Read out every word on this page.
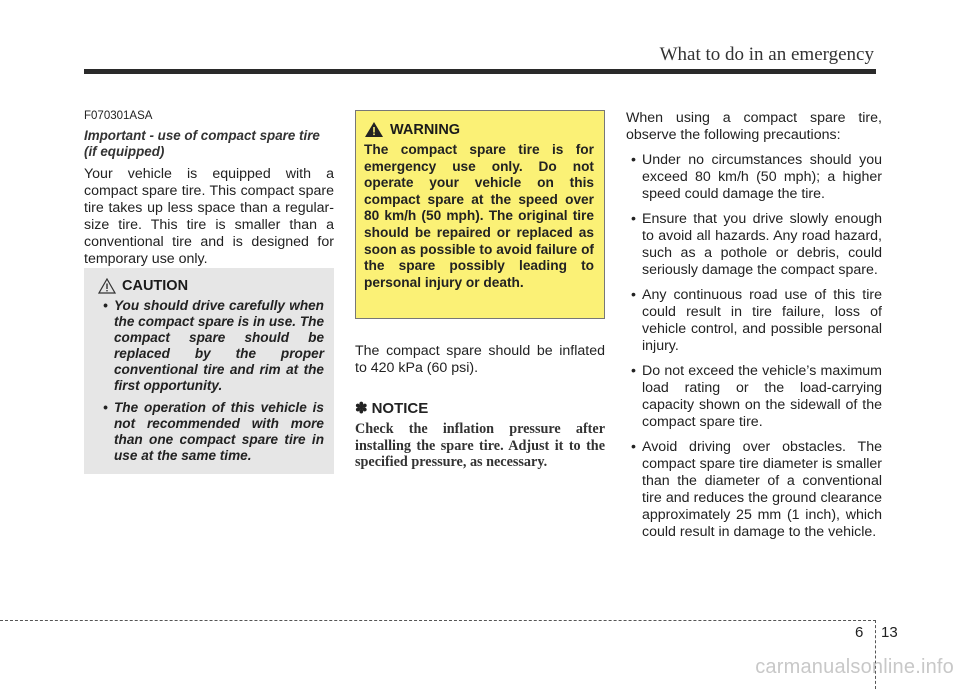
What to do in an emergency
F070301ASA
Important - use of compact spare tire (if equipped)
Your vehicle is equipped with a compact spare tire. This compact spare tire takes up less space than a regular-size tire. This tire is smaller than a conventional tire and is designed for temporary use only.
CAUTION
• You should drive carefully when the compact spare is in use. The compact spare should be replaced by the proper conventional tire and rim at the first opportunity.
• The operation of this vehicle is not recommended with more than one compact spare tire in use at the same time.
WARNING
The compact spare tire is for emergency use only. Do not operate your vehicle on this compact spare at the speed over 80 km/h (50 mph). The original tire should be repaired or replaced as soon as possible to avoid failure of the spare possibly leading to personal injury or death.
The compact spare should be inflated to 420 kPa (60 psi).
✽ NOTICE
Check the inflation pressure after installing the spare tire. Adjust it to the specified pressure, as necessary.
When using a compact spare tire, observe the following precautions:
• Under no circumstances should you exceed 80 km/h (50 mph); a higher speed could damage the tire.
• Ensure that you drive slowly enough to avoid all hazards. Any road hazard, such as a pothole or debris, could seriously damage the compact spare.
• Any continuous road use of this tire could result in tire failure, loss of vehicle control, and possible personal injury.
• Do not exceed the vehicle’s maximum load rating or the load-carrying capacity shown on the sidewall of the compact spare tire.
• Avoid driving over obstacles. The compact spare tire diameter is smaller than the diameter of a conventional tire and reduces the ground clearance approximately 25 mm (1 inch), which could result in damage to the vehicle.
6 13
carmanualsonline.info
